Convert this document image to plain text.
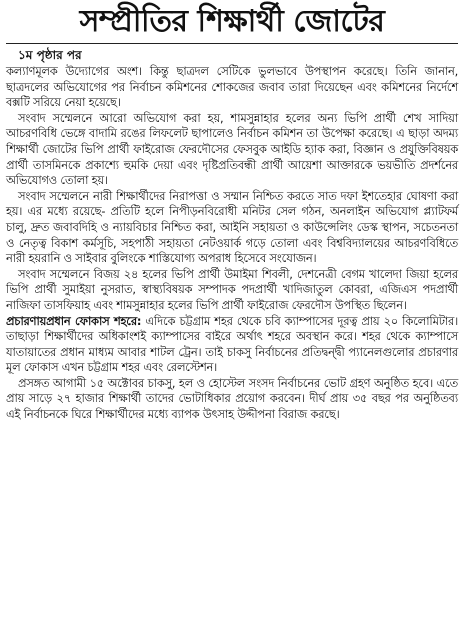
সম্প্রীতির শিক্ষার্থী জোটের
১ম পৃষ্ঠার পর

কল্যাণমূলক উদ্যোগের অংশ। কিন্তু ছাত্রদল সেটিকে ভুলভাবে উপস্থাপন করেছে। তিনি জানান, ছাত্রদলের অভিযোগের পর নির্বাচন কমিশনের শোকজের জবাব তারা দিয়েছেন এবং কমিশনের নির্দেশে বক্সটি সরিয়ে নেয়া হয়েছে।

সংবাদ সম্মেলনে আরো অভিযোগ করা হয়, শামসুন্নাহার হলের অন্য ভিপি প্রার্থী শেখ সাদিয়া আচরণবিধি ভেঙ্গে বাদামি রঙের লিফলেট ছাপালেও নির্বাচন কমিশন তা উপেক্ষা করেছে। এ ছাড়া অদম্য শিক্ষার্থী জোটের ভিপি প্রার্থী ফাইরোজ ফেরদৌসের ফেসবুক আইডি হ্যাক করা, বিজ্ঞান ও প্রযুক্তিবিষয়ক প্রার্থী তাসমিনকে প্রকাশ্যে হুমকি দেয়া এবং দৃষ্টিপ্রতিবন্ধী প্রার্থী আয়েশা আক্তারকে ভয়ভীতি প্রদর্শনের অভিযোগও তোলা হয়।

সংবাদ সম্মেলনে নারী শিক্ষার্থীদের নিরাপত্তা ও সম্মান নিশ্চিত করতে সাত দফা ইশতেহার ঘোষণা করা হয়। এর মধ্যে রয়েছে- প্রতিটি হলে নিপীড়নবিরোধী মনিটর সেল গঠন, অনলাইন অভিযোগ প্ল্যাটফর্ম চালু, দ্রুত জবাবদিহি ও ন্যায়বিচার নিশ্চিত করা, আইনি সহায়তা ও কাউন্সেলিং ডেস্ক স্থাপন, সচেতনতা ও নেতৃত্ব বিকাশ কর্মসূচি, সহপাঠী সহায়তা নেটওয়ার্ক গড়ে তোলা এবং বিশ্ববিদ্যালয়ের আচরণবিধিতে নারী হয়রানি ও সাইবার বুলিংকে শাস্তিযোগ্য অপরাধ হিসেবে সংযোজন।

সংবাদ সম্মেলনে বিজয় ২৪ হলের ভিপি প্রার্থী উমাইমা শিবলী, দেশনেত্রী বেগম খালেদা জিয়া হলের ভিপি প্রার্থী সুমাইয়া নুসরাত, স্বাস্থ্যবিষয়ক সম্পাদক পদপ্রার্থী খাদিজাতুল কোবরা, এজিএস পদপ্রার্থী নাজিফা তাসফিয়াহ এবং শামসুন্নাহার হলের ভিপি প্রার্থী ফাইরোজ ফেরদৌস উপস্থিত ছিলেন।

প্রচারণায়প্রধান ফোকাস শহরে: এদিকে চট্টগ্রাম শহর থেকে চবি ক্যাম্পাসের দূরত্ব প্রায় ২০ কিলোমিটার। তাছাড়া শিক্ষার্থীদের অধিকাংশই ক্যাম্পাসের বাইরে অর্থাৎ শহরে অবস্থান করে। শহর থেকে ক্যাম্পাসে যাতায়াতের প্রধান মাধ্যম আবার শাটল ট্রেন। তাই চাকসু নির্বাচনের প্রতিদ্বন্দ্বী প্যানেলগুলোর প্রচারণার মূল ফোকাস এখন চট্টগ্রাম শহর এবং রেলস্টেশন।

প্রসঙ্গত আগামী ১৫ অক্টোবর চাকসু, হল ও হোস্টেল সংসদ নির্বাচনের ভোট গ্রহণ অনুষ্ঠিত হবে। এতে প্রায় সাড়ে ২৭ হাজার শিক্ষার্থী তাদের ভোটাধিকার প্রয়োগ করবেন। দীর্ঘ প্রায় ৩৫ বছর পর অনুষ্ঠিতব্য এই নির্বাচনকে ঘিরে শিক্ষার্থীদের মধ্যে ব্যাপক উৎসাহ উদ্দীপনা বিরাজ করছে।
